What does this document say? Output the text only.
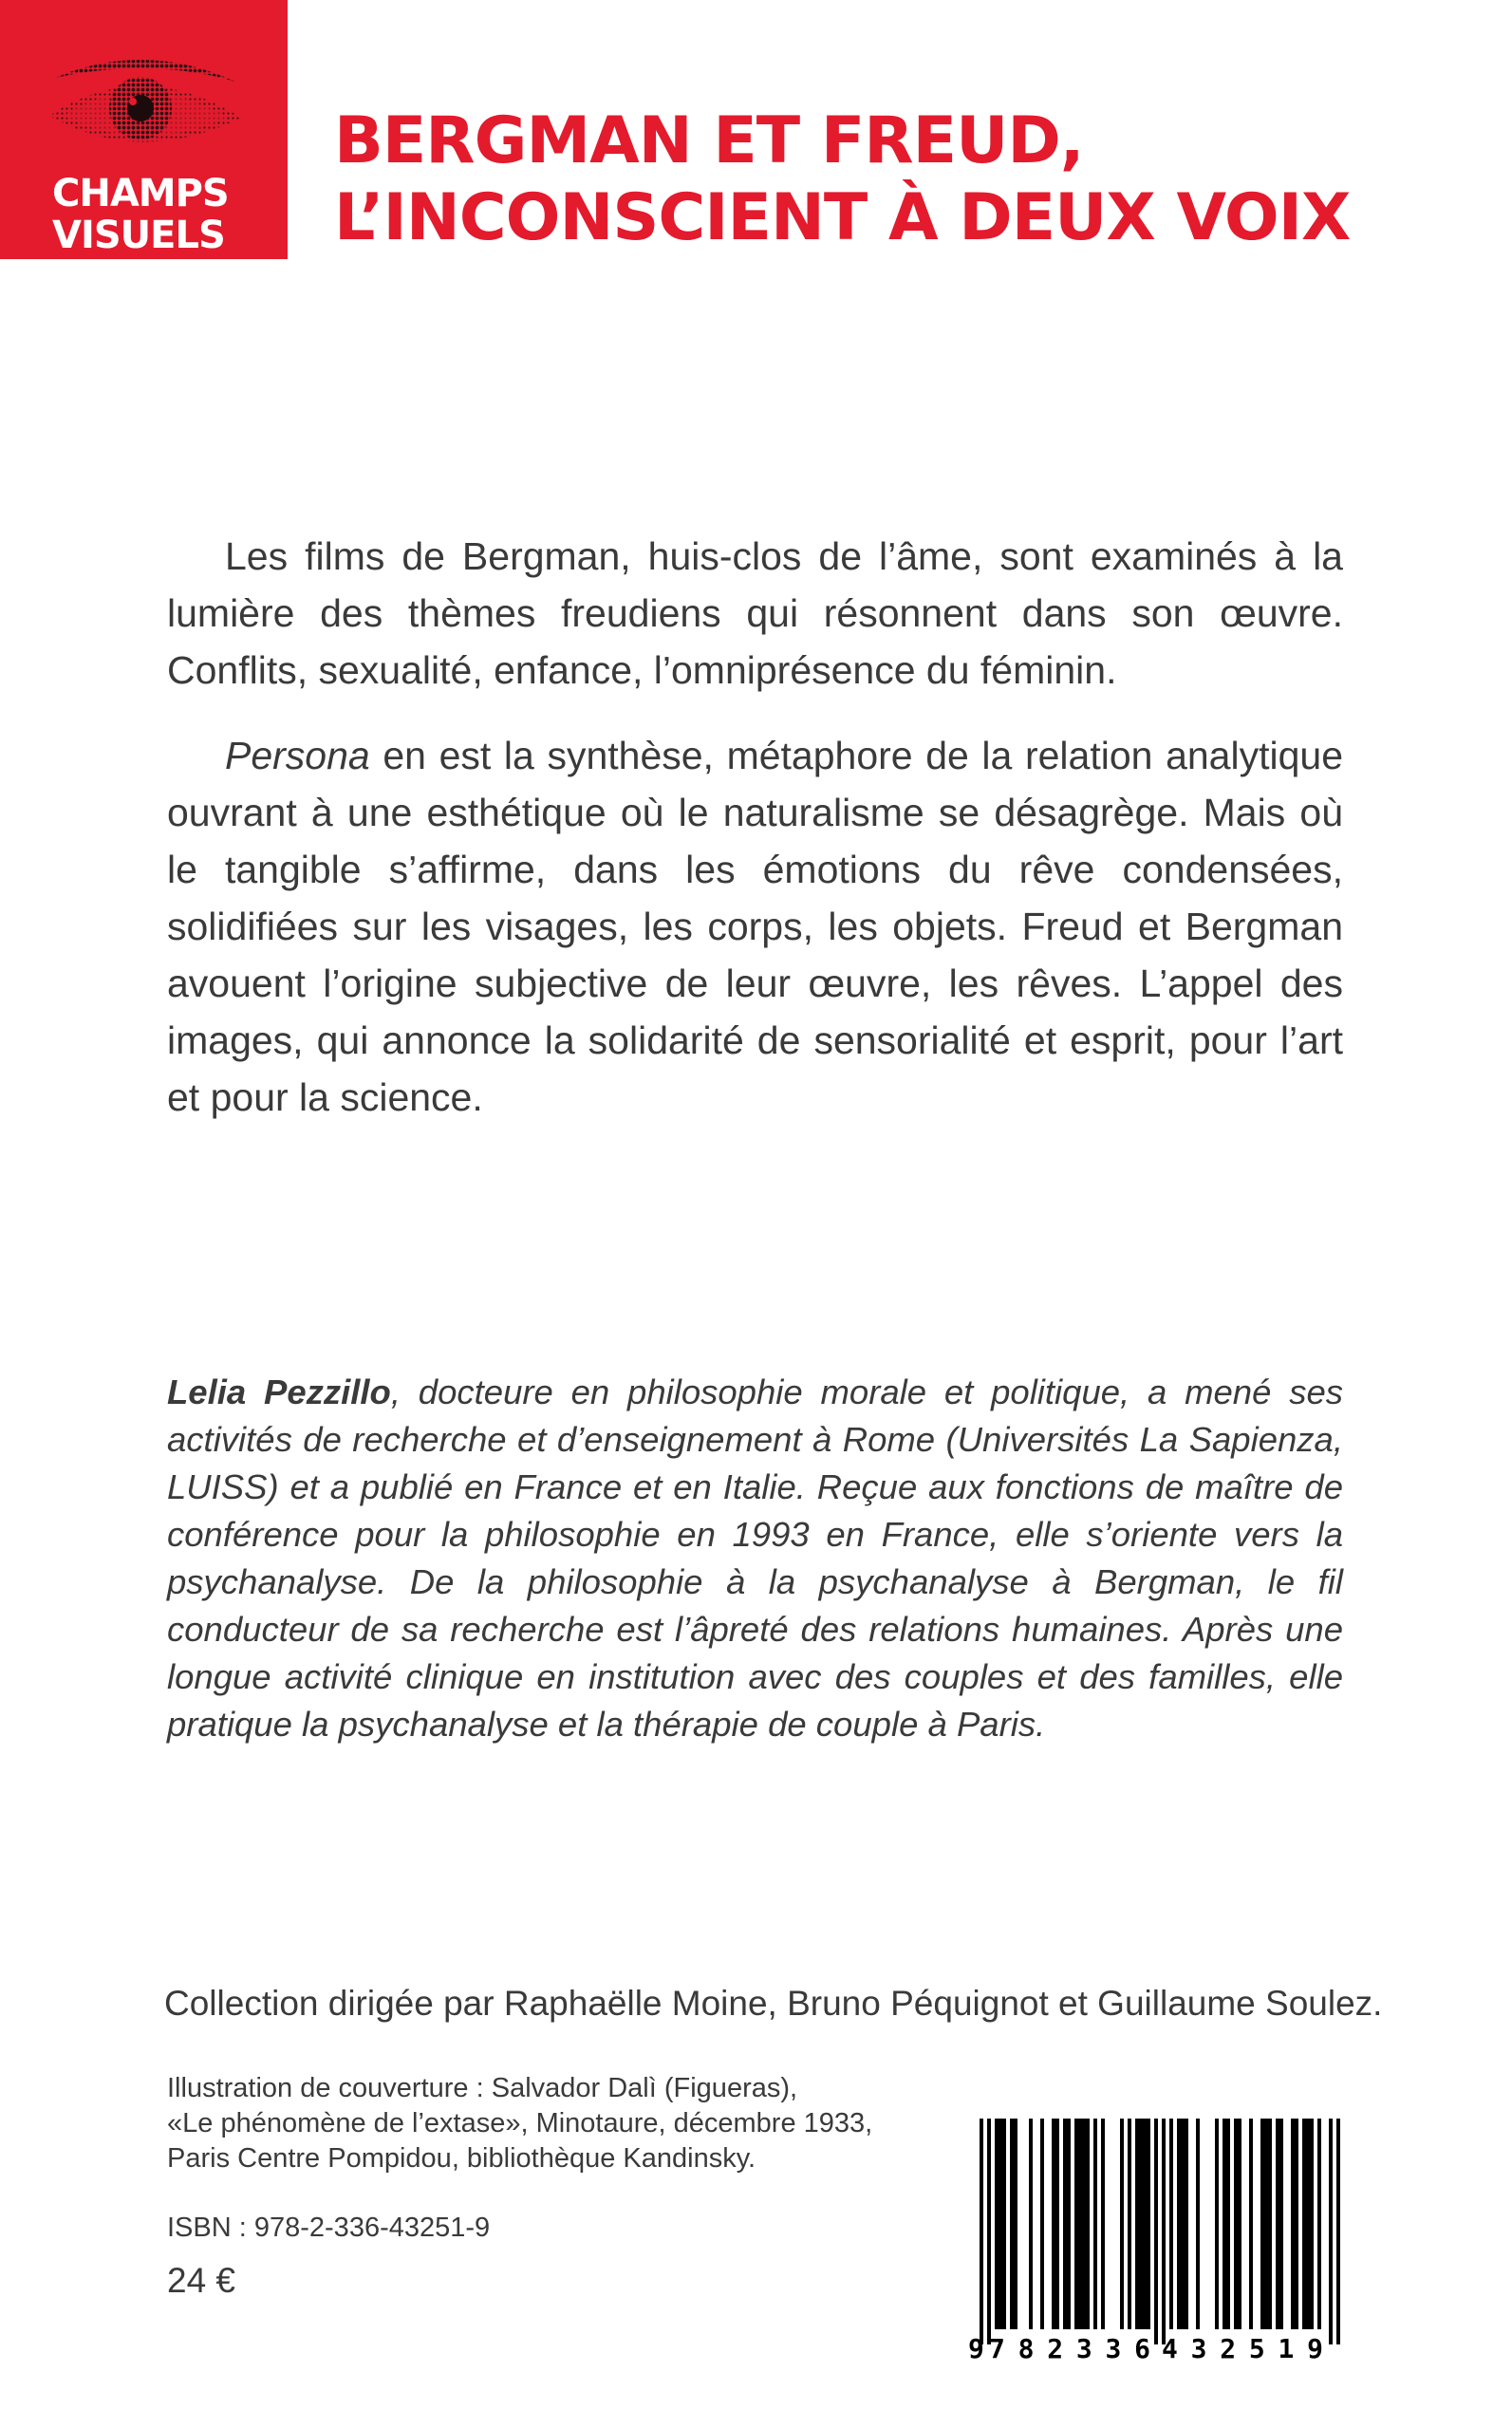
CHAMPS
VISUELS
BERGMAN ET FREUD,
L’INCONSCIENT À DEUX VOIX

Les films de Bergman, huis-clos de l’âme, sont examinés à la lumière des thèmes freudiens qui résonnent dans son œuvre. Conflits, sexualité, enfance, l’omniprésence du féminin.

Persona en est la synthèse, métaphore de la relation analytique ouvrant à une esthétique où le naturalisme se désagrège. Mais où le tangible s’affirme, dans les émotions du rêve condensées, solidifiées sur les visages, les corps, les objets. Freud et Bergman avouent l’origine subjective de leur œuvre, les rêves. L’appel des images, qui annonce la solidarité de sensorialité et esprit, pour l’art et pour la science.

Lelia Pezzillo, docteure en philosophie morale et politique, a mené ses activités de recherche et d’enseignement à Rome (Universités La Sapienza, LUISS) et a publié en France et en Italie. Reçue aux fonctions de maître de conférence pour la philosophie en 1993 en France, elle s’oriente vers la psychanalyse. De la philosophie à la psychanalyse à Bergman, le fil conducteur de sa recherche est l’âpreté des relations humaines. Après une longue activité clinique en institution avec des couples et des familles, elle pratique la psychanalyse et la thérapie de couple à Paris.

Collection dirigée par Raphaëlle Moine, Bruno Péquignot et Guillaume Soulez.
Illustration de couverture : Salvador Dalì (Figueras),
«Le phénomène de l’extase», Minotaure, décembre 1933,
Paris Centre Pompidou, bibliothèque Kandinsky.
ISBN : 978-2-336-43251-9
24 €
9 782336 432519
